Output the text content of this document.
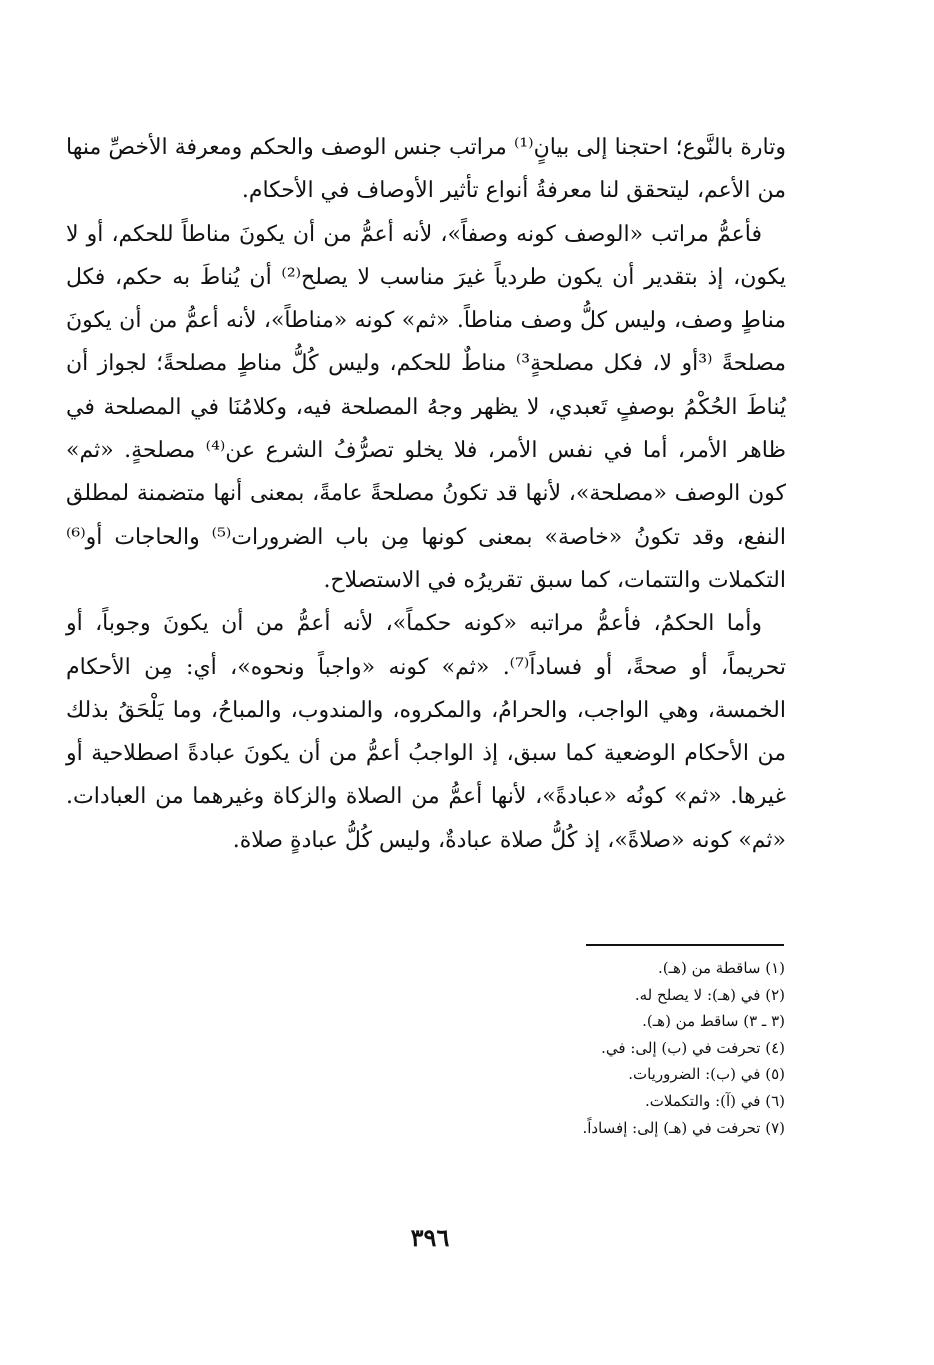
وتارة بالنَّوع؛ احتجنا إلى بيانٍ⁽¹⁾ مراتب جنس الوصف والحكم ومعرفة الأخصِّ منها من الأعم، ليتحقق لنا معرفةُ أنواع تأثير الأوصاف في الأحكام.

فأعمُّ مراتب «الوصف كونه وصفاً»، لأنه أعمُّ من أن يكونَ مناطاً للحكم، أو لا يكون، إذ بتقدير أن يكون طردياً غيرَ مناسب لا يصلح⁽²⁾ أن يُناطَ به حكم، فكل مناطٍ وصف، وليس كلُّ وصف مناطاً. «ثم» كونه «مناطاً»، لأنه أعمُّ من أن يكونَ مصلحةً ⁽³أو لا، فكل مصلحةٍ³⁾ مناطٌ للحكم، وليس كُلُّ مناطٍ مصلحةً؛ لجواز أن يُناطَ الحُكْمُ بوصفٍ تَعبدي، لا يظهر وجهُ المصلحة فيه، وكلامُنَا في المصلحة في ظاهر الأمر، أما في نفس الأمر، فلا يخلو تصرُّفُ الشرع عن⁽⁴⁾ مصلحةٍ. «ثم» كون الوصف «مصلحة»، لأنها قد تكونُ مصلحةً عامةً، بمعنى أنها متضمنة لمطلق النفع، وقد تكونُ «خاصة» بمعنى كونها مِن باب الضرورات⁽⁵⁾ والحاجات أو⁽⁶⁾ التكملات والتتمات، كما سبق تقريرُه في الاستصلاح.

وأما الحكمُ، فأعمُّ مراتبه «كونه حكماً»، لأنه أعمُّ من أن يكونَ وجوباً، أو تحريماً، أو صحةً، أو فساداً⁽⁷⁾. «ثم» كونه «واجباً ونحوه»، أي: مِن الأحكام الخمسة، وهي الواجب، والحرامُ، والمكروه، والمندوب، والمباحُ، وما يَلْحَقُ بذلك من الأحكام الوضعية كما سبق، إذ الواجبُ أعمُّ من أن يكونَ عبادةً اصطلاحية أو غيرها. «ثم» كونُه «عبادةً»، لأنها أعمُّ من الصلاة والزكاة وغيرهما من العبادات. «ثم» كونه «صلاةً»، إذ كُلُّ صلاة عبادةٌ، وليس كُلُّ عبادةٍ صلاة.

(١) ساقطة من (هـ).
(٢) في (هـ): لا يصلح له.
(٣ ـ ٣) ساقط من (هـ).
(٤) تحرفت في (ب) إلى: في.
(٥) في (ب): الضروريات.
(٦) في (آ): والتكملات.
(٧) تحرفت في (هـ) إلى: إفساداً.
٣٩٦
